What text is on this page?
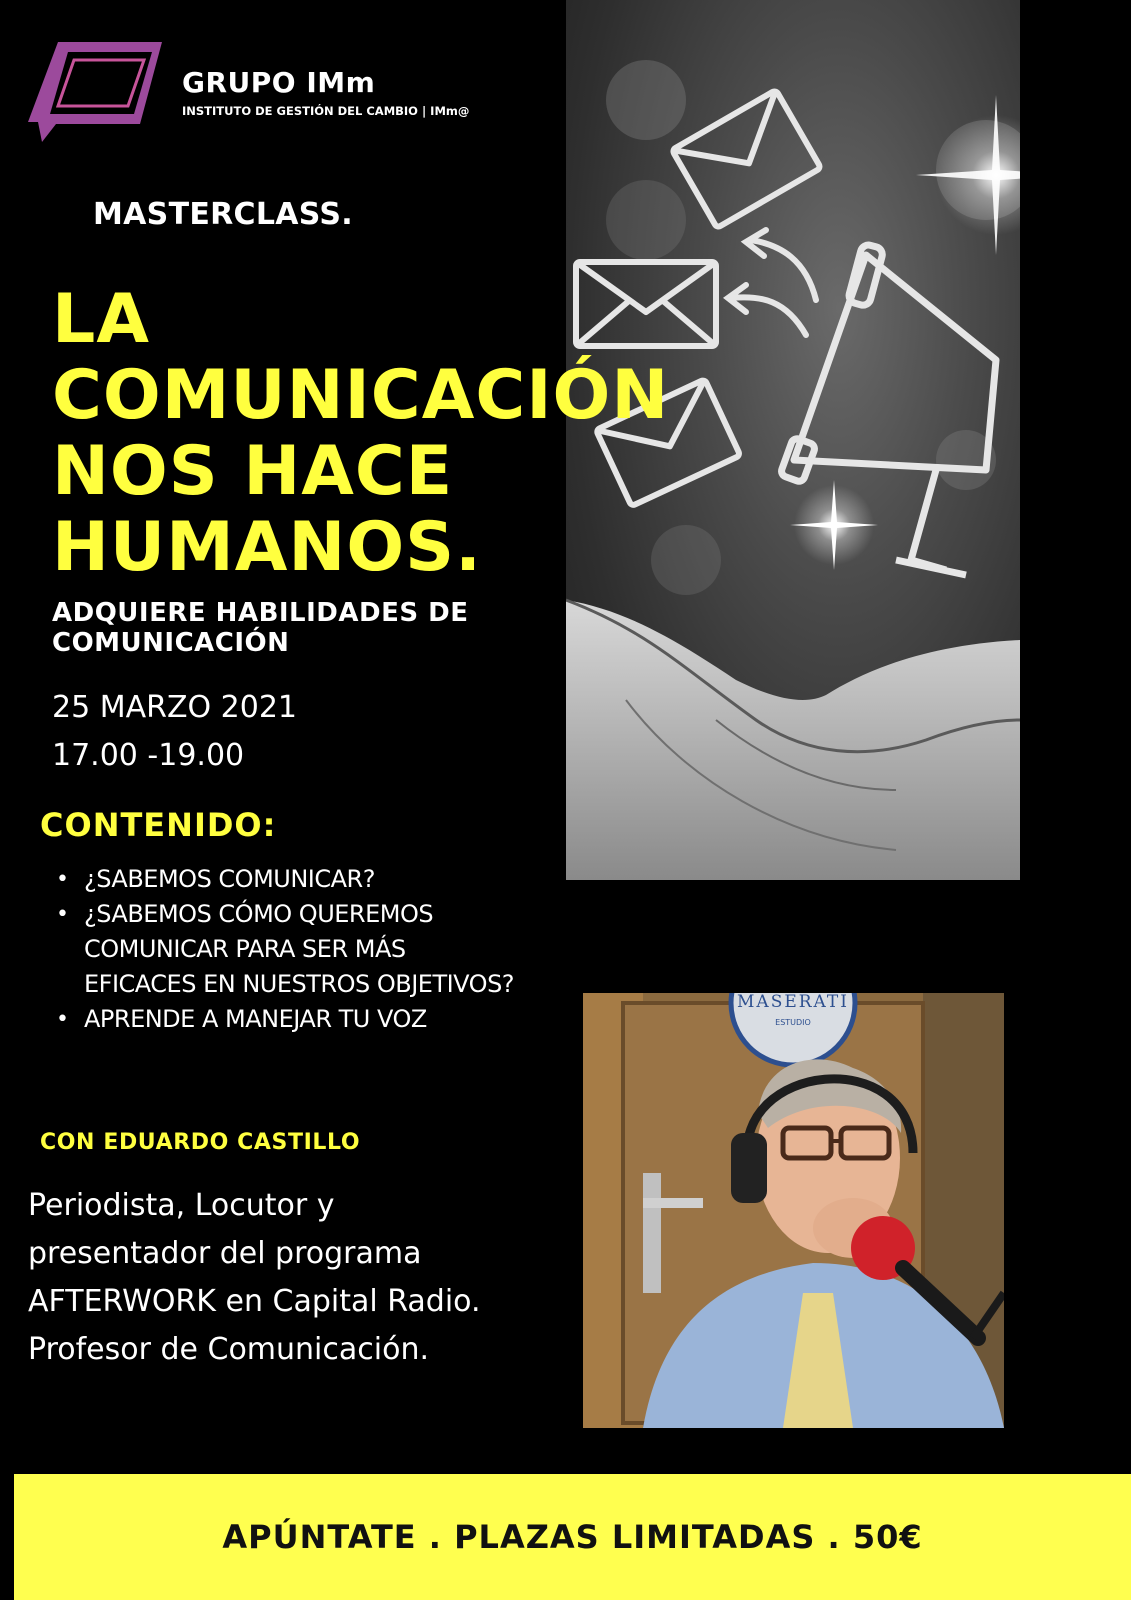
GRUPO IMm
INSTITUTO DE GESTIÓN DEL CAMBIO | IMm@
MASTERCLASS.
LA
COMUNICACIÓN
NOS HACE
HUMANOS.
ADQUIERE HABILIDADES DE
COMUNICACIÓN
25 MARZO 2021
17.00 -19.00
CONTENIDO:
• ¿SABEMOS COMUNICAR?
• ¿SABEMOS CÓMO QUEREMOS COMUNICAR PARA SER MÁS EFICACES EN NUESTROS OBJETIVOS?
• APRENDE A MANEJAR TU VOZ
CON EDUARDO CASTILLO
Periodista, Locutor y
presentador del programa
AFTERWORK en Capital Radio.
Profesor de Comunicación.
MASERATI
ESTUDIO
APÚNTATE . PLAZAS LIMITADAS . 50€
